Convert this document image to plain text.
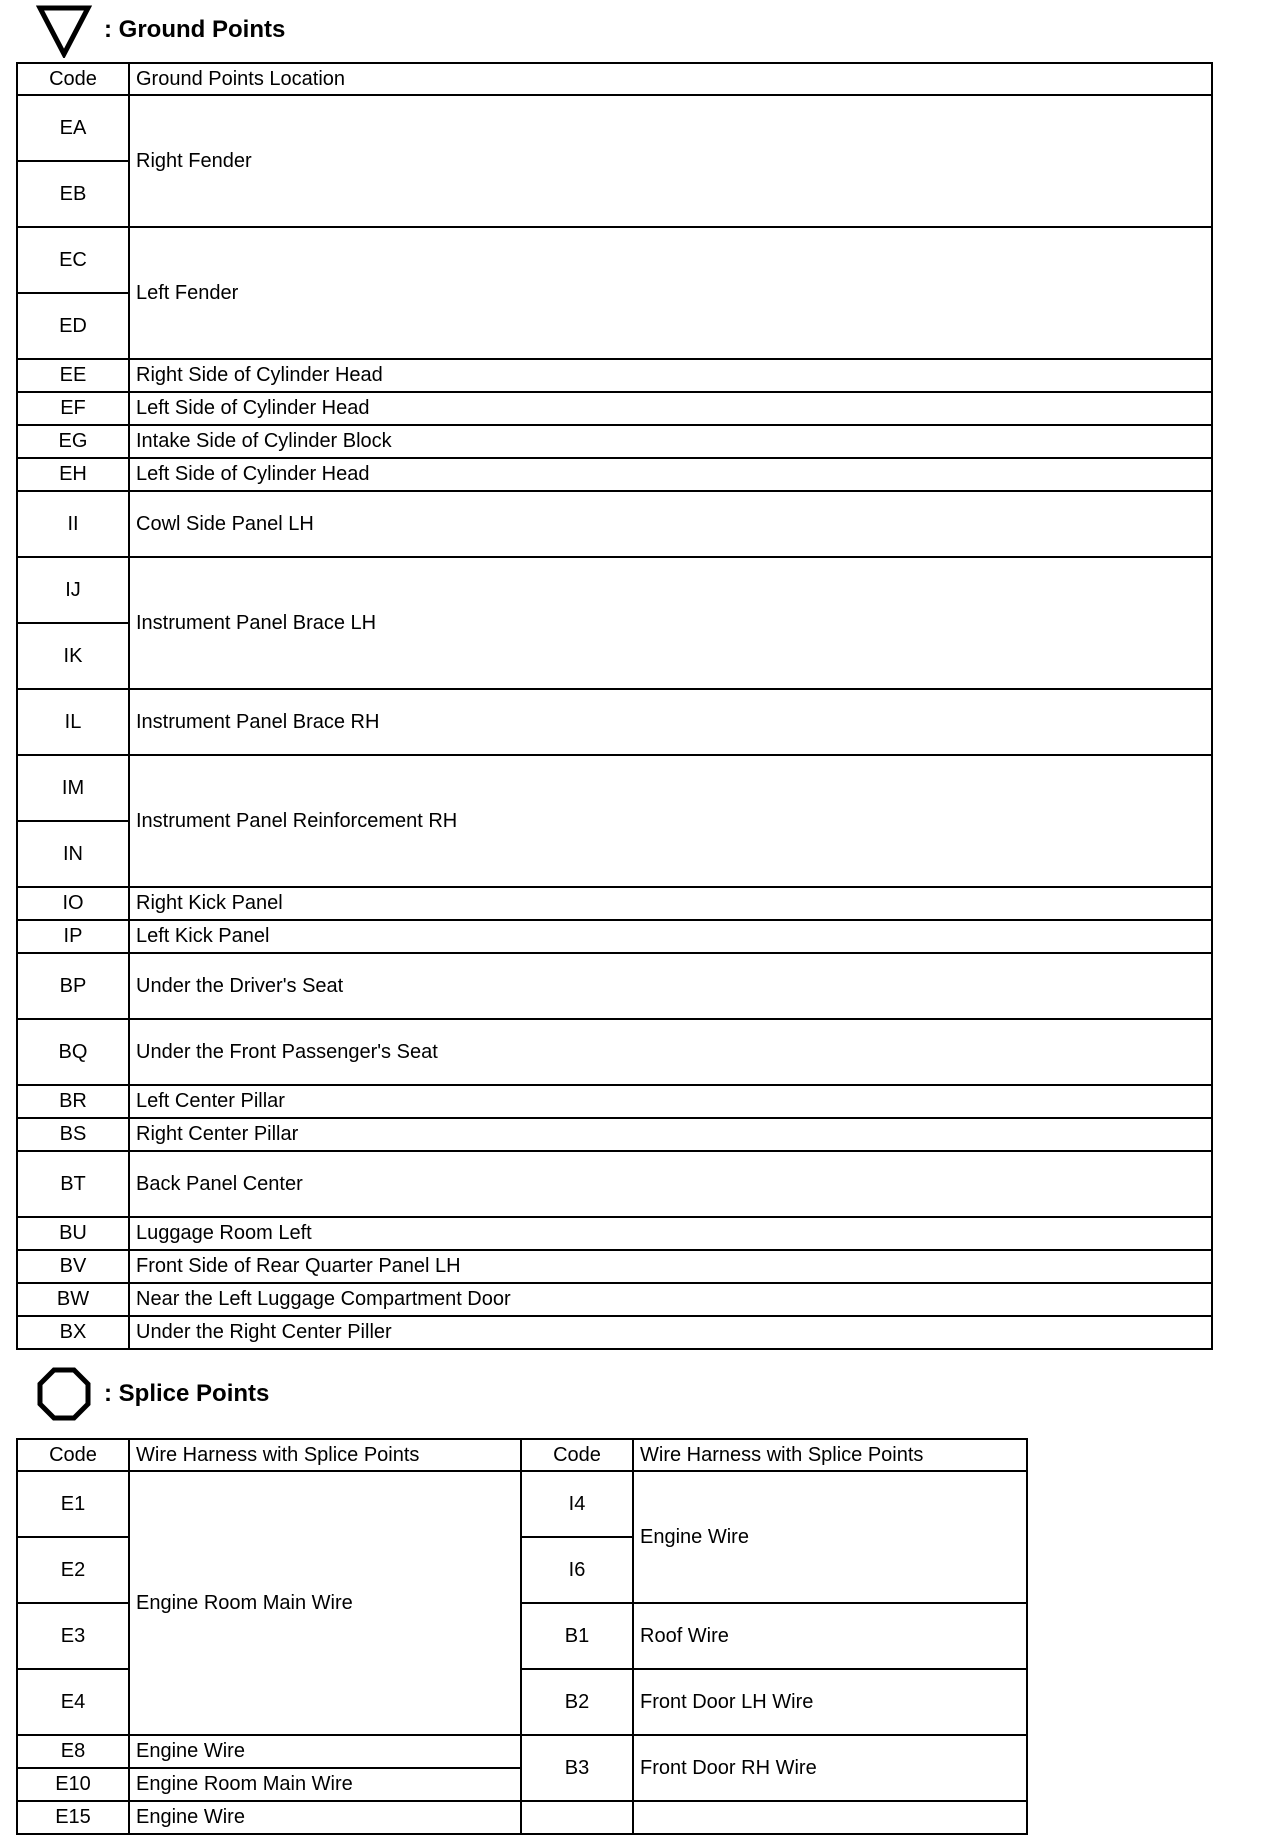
: Ground Points
Code	Ground Points Location
EA	Right Fender
EB	
EC	Left Fender
ED	
EE	Right Side of Cylinder Head
EF	Left Side of Cylinder Head
EG	Intake Side of Cylinder Block
EH	Left Side of Cylinder Head
II	Cowl Side Panel LH
IJ	Instrument Panel Brace LH
IK	
IL	Instrument Panel Brace RH
IM	Instrument Panel Reinforcement RH
IN	
IO	Right Kick Panel
IP	Left Kick Panel
BP	Under the Driver's Seat
BQ	Under the Front Passenger's Seat
BR	Left Center Pillar
BS	Right Center Pillar
BT	Back Panel Center
BU	Luggage Room Left
BV	Front Side of Rear Quarter Panel LH
BW	Near the Left Luggage Compartment Door
BX	Under the Right Center Piller
: Splice Points
Code	Wire Harness with Splice Points	Code	Wire Harness with Splice Points
E1	Engine Room Main Wire	I4	Engine Wire
E2		I6	
E3		B1	Roof Wire
E4		B2	Front Door LH Wire
E8	Engine Wire	B3	Front Door RH Wire
E10	Engine Room Main Wire		
E15	Engine Wire		
